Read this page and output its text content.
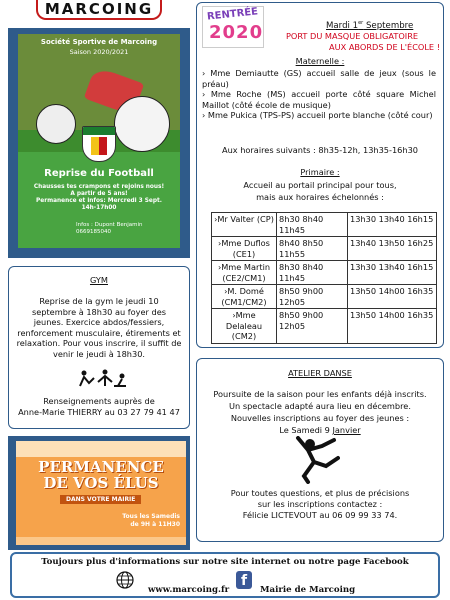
MARCOING
Société Sportive de Marcoing
Saison 2020/2021
Reprise du Football
Chausses tes crampons et rejoins nous!
A partir de 5 ans!
Permanence et infos: Mercredi 3 Sept.
14h-17h00
Infos : Dupont Benjamin
0669185040
GYM
Reprise de la gym le jeudi 10 septembre à 18h30 au foyer des jeunes. Exercice abdos/fessiers, renforcement musculaire, étirements et relaxation. Pour vous inscrire, il suffit de venir le jeudi à 18h30.
Renseignements auprès de
Anne-Marie THIERRY au 03 27 79 41 47
PERMANENCE
DE VOS ÉLUS
DANS VOTRE MAIRIE
Tous les Samedis
de 9H à 11H30
RENTRÉE
2020	Mardi 1er Septembre
PORT DU MASQUE OBLIGATOIRE
AUX ABORDS DE L'ÉCOLE !
Maternelle :
› Mme Demiautte (GS) accueil salle de jeux (sous le préau)
› Mme Roche (MS) accueil porte côté square Michel Maillot (côté école de musique)
› Mme Pukica (TPS-PS) accueil porte blanche (côté cour)
Aux horaires suivants : 8h35-12h, 13h35-16h30
Primaire :
Accueil au portail principal pour tous,
mais aux horaires échelonnés :
›Mr Valter (CP)	8h30 8h40 11h45	13h30 13h40 16h15
›Mme Duflos (CE1)	8h40 8h50 11h55	13h40 13h50 16h25
›Mme Martin (CE2/CM1)	8h30 8h40 11h45	13h30 13h40 16h15
›M. Domé (CM1/CM2)	8h50 9h00 12h05	13h50 14h00 16h35
›Mme Delaleau (CM2)	8h50 9h00 12h05	13h50 14h00 16h35
ATELIER DANSE
Poursuite de la saison pour les enfants déjà inscrits.
Un spectacle adapté aura lieu en décembre.
Nouvelles inscriptions au foyer des jeunes :
Le Samedi 9 Janvier
Pour toutes questions, et plus de précisions
sur les inscriptions contactez :
Félicie LICTEVOUT au 06 09 99 33 74.
Toujours plus d'informations sur notre site internet ou notre page Facebook
www.marcoing.fr
f
Mairie de Marcoing
